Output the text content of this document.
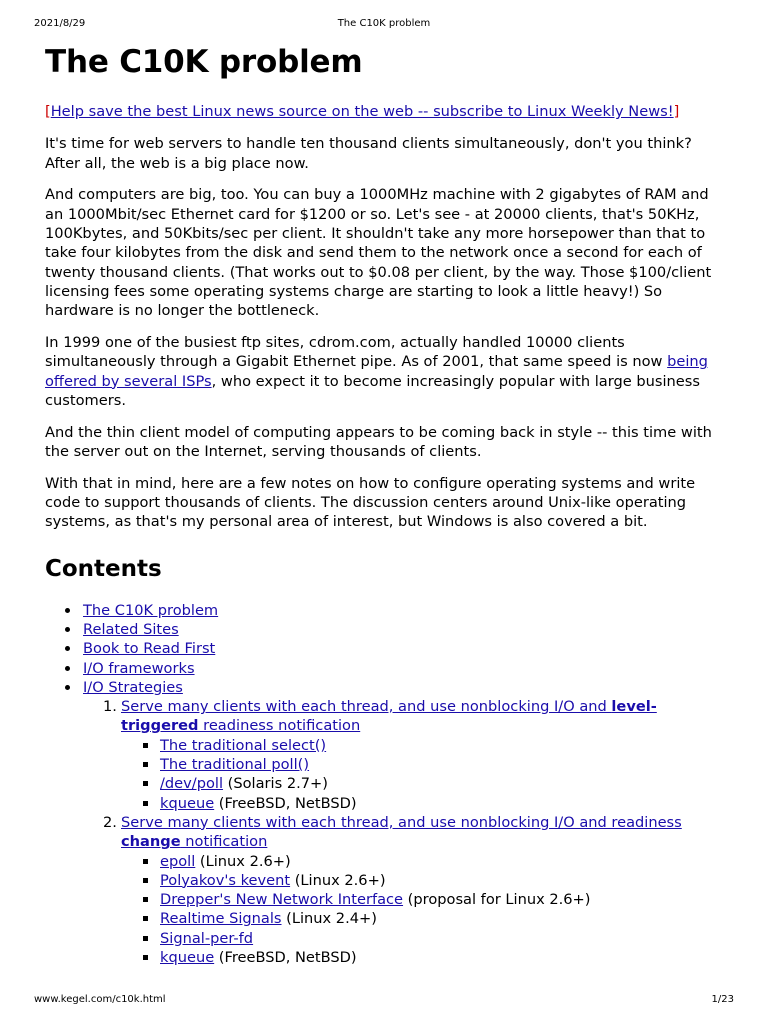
2021/8/29	The C10K problem
The C10K problem

[Help save the best Linux news source on the web -- subscribe to Linux Weekly News!]

It's time for web servers to handle ten thousand clients simultaneously, don't you think? After all, the web is a big place now.

And computers are big, too. You can buy a 1000MHz machine with 2 gigabytes of RAM and an 1000Mbit/sec Ethernet card for $1200 or so. Let's see - at 20000 clients, that's 50KHz, 100Kbytes, and 50Kbits/sec per client. It shouldn't take any more horsepower than that to take four kilobytes from the disk and send them to the network once a second for each of twenty thousand clients. (That works out to $0.08 per client, by the way. Those $100/client licensing fees some operating systems charge are starting to look a little heavy!) So hardware is no longer the bottleneck.

In 1999 one of the busiest ftp sites, cdrom.com, actually handled 10000 clients simultaneously through a Gigabit Ethernet pipe. As of 2001, that same speed is now being offered by several ISPs, who expect it to become increasingly popular with large business customers.

And the thin client model of computing appears to be coming back in style -- this time with the server out on the Internet, serving thousands of clients.

With that in mind, here are a few notes on how to configure operating systems and write code to support thousands of clients. The discussion centers around Unix-like operating systems, as that's my personal area of interest, but Windows is also covered a bit.

Contents
The C10K problem
Related Sites
Book to Read First
I/O frameworks
I/O Strategies
1. Serve many clients with each thread, and use nonblocking I/O and level-triggered readiness notification
The traditional select()
The traditional poll()
/dev/poll (Solaris 2.7+)
kqueue (FreeBSD, NetBSD)
2. Serve many clients with each thread, and use nonblocking I/O and readiness change notification
epoll (Linux 2.6+)
Polyakov's kevent (Linux 2.6+)
Drepper's New Network Interface (proposal for Linux 2.6+)
Realtime Signals (Linux 2.4+)
Signal-per-fd
kqueue (FreeBSD, NetBSD)
www.kegel.com/c10k.html	1/23
